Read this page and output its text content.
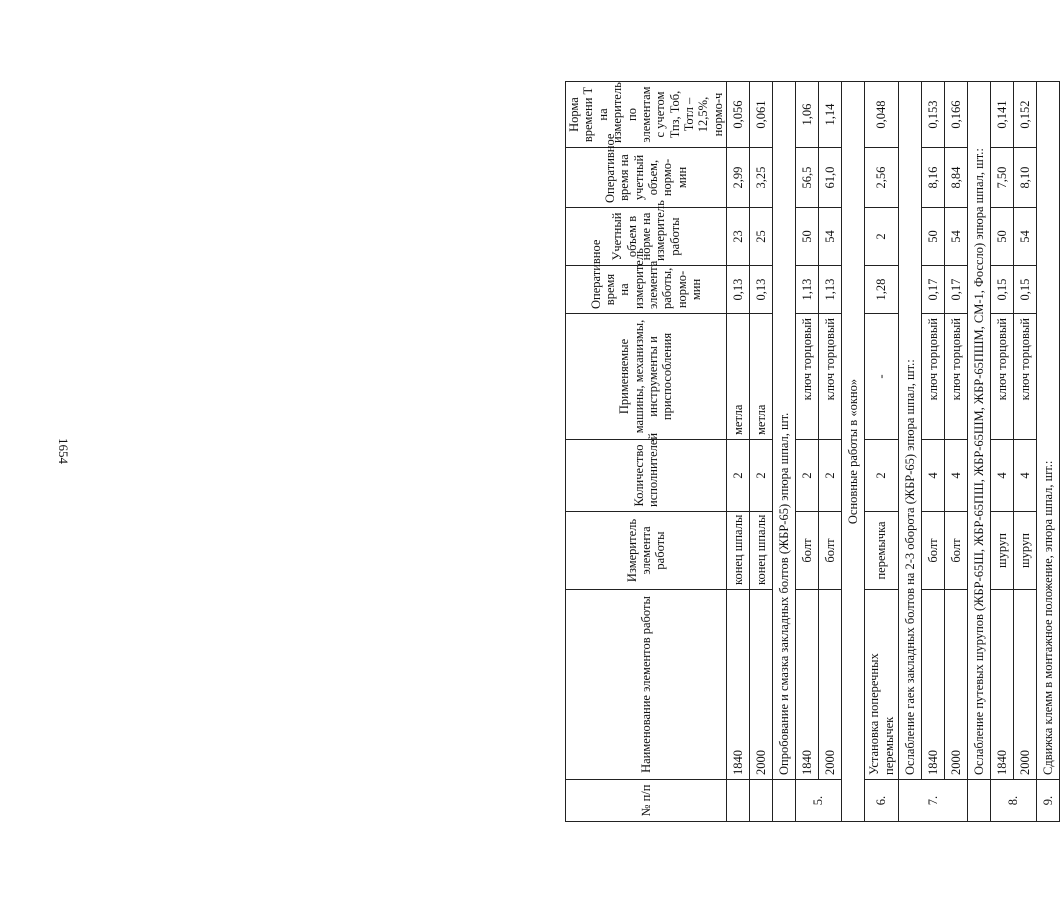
1654
№ п/п	Наименование элементов работы	Измеритель элемента работы	Количество исполнителей	Применяемые машины, механизмы, инструменты и приспособления	Оперативное время на измеритель элемента работы, нормо-мин	Учетный объем в норме на измеритель работы	Оперативное время на учетный объем, нормо-мин	Норма времени Т на измеритель по элементам с учетом Тпз, Тоб, Тотл – 12,5%, нормо-ч
	1840	конец шпалы	2	метла	0,13	23	2,99	0,056
	2000	конец шпалы	2	метла	0,13	25	3,25	0,061
	Опробование и смазка закладных болтов (ЖБР-65) эпюра шпал, шт.							
5.	1840	болт	2	ключ торцовый	1,13	50	56,5	1,06
	2000	болт	2	ключ торцовый	1,13	54	61,0	1,14
Основные работы в «окно»								
6.	Установка поперечных перемычек	перемычка	2	-	1,28	2	2,56	0,048
7.	Ослабление гаек закладных болтов на 2-3 оборота (ЖБР-65) эпюра шпал, шт.:							
	1840	болт	4	ключ торцовый	0,17	50	8,16	0,153
	2000	болт	4	ключ торцовый	0,17	54	8,84	0,166
	Ослабление путевых шурупов (ЖБР-65Ш, ЖБР-65ПШ, ЖБР-65ШМ, ЖБР-65ПШМ, СМ-1, Фоссло) эпюра шпал, шт.:							
8.	1840	шуруп	4	ключ торцовый	0,15	50	7,50	0,141
	2000	шуруп	4	ключ торцовый	0,15	54	8,10	0,152
9.	Сдвижка клемм в монтажное положение, эпюра шпал, шт.:							
